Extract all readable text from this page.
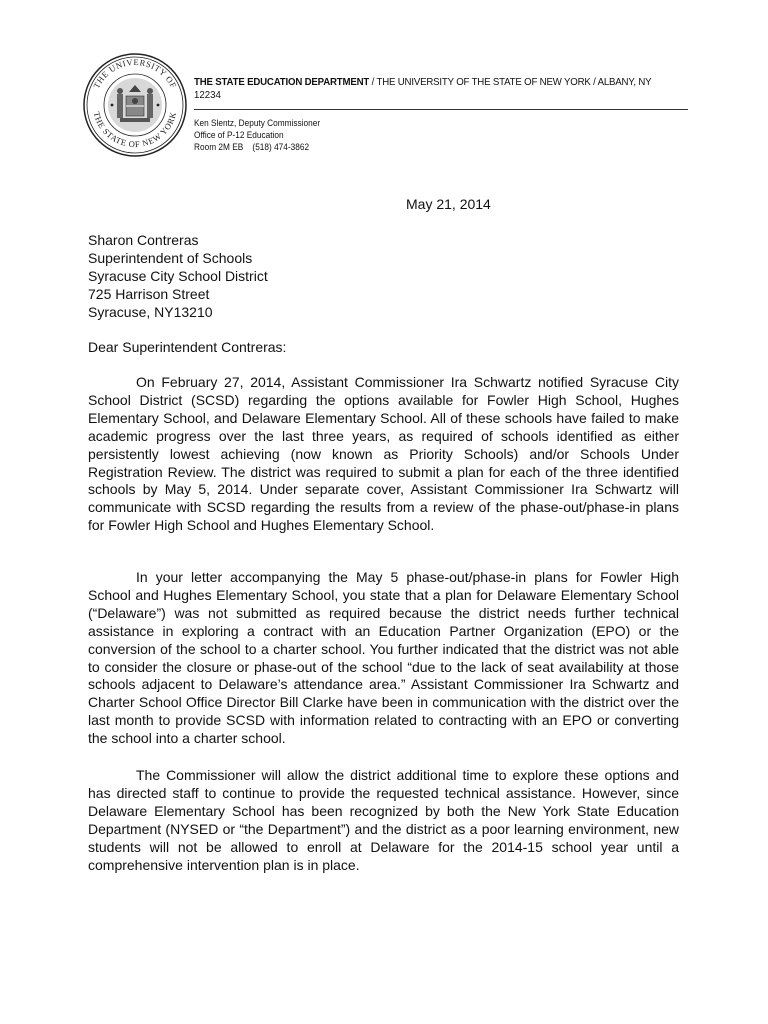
THE UNIVERSITY OF
THE STATE OF NEW YORK
THE STATE EDUCATION DEPARTMENT / THE UNIVERSITY OF THE STATE OF NEW YORK / ALBANY, NY
12234
Ken Slentz, Deputy Commissioner
Office of P-12 Education
Room 2M EB    (518) 474-3862
May 21, 2014
Sharon Contreras
Superintendent of Schools
Syracuse City School District
725 Harrison Street
Syracuse, NY13210
Dear Superintendent Contreras:

On February 27, 2014, Assistant Commissioner Ira Schwartz notified Syracuse City School District (SCSD) regarding the options available for Fowler High School, Hughes Elementary School, and Delaware Elementary School. All of these schools have failed to make academic progress over the last three years, as required of schools identified as either persistently lowest achieving (now known as Priority Schools) and/or Schools Under Registration Review. The district was required to submit a plan for each of the three identified schools by May 5, 2014. Under separate cover, Assistant Commissioner Ira Schwartz will communicate with SCSD regarding the results from a review of the phase-out/phase-in plans for Fowler High School and Hughes Elementary School.

In your letter accompanying the May 5 phase-out/phase-in plans for Fowler High School and Hughes Elementary School, you state that a plan for Delaware Elementary School (“Delaware”) was not submitted as required because the district needs further technical assistance in exploring a contract with an Education Partner Organization (EPO) or the conversion of the school to a charter school. You further indicated that the district was not able to consider the closure or phase-out of the school “due to the lack of seat availability at those schools adjacent to Delaware’s attendance area.” Assistant Commissioner Ira Schwartz and Charter School Office Director Bill Clarke have been in communication with the district over the last month to provide SCSD with information related to contracting with an EPO or converting the school into a charter school.

The Commissioner will allow the district additional time to explore these options and has directed staff to continue to provide the requested technical assistance. However, since Delaware Elementary School has been recognized by both the New York State Education Department (NYSED or “the Department”) and the district as a poor learning environment, new students will not be allowed to enroll at Delaware for the 2014-15 school year until a comprehensive intervention plan is in place.
